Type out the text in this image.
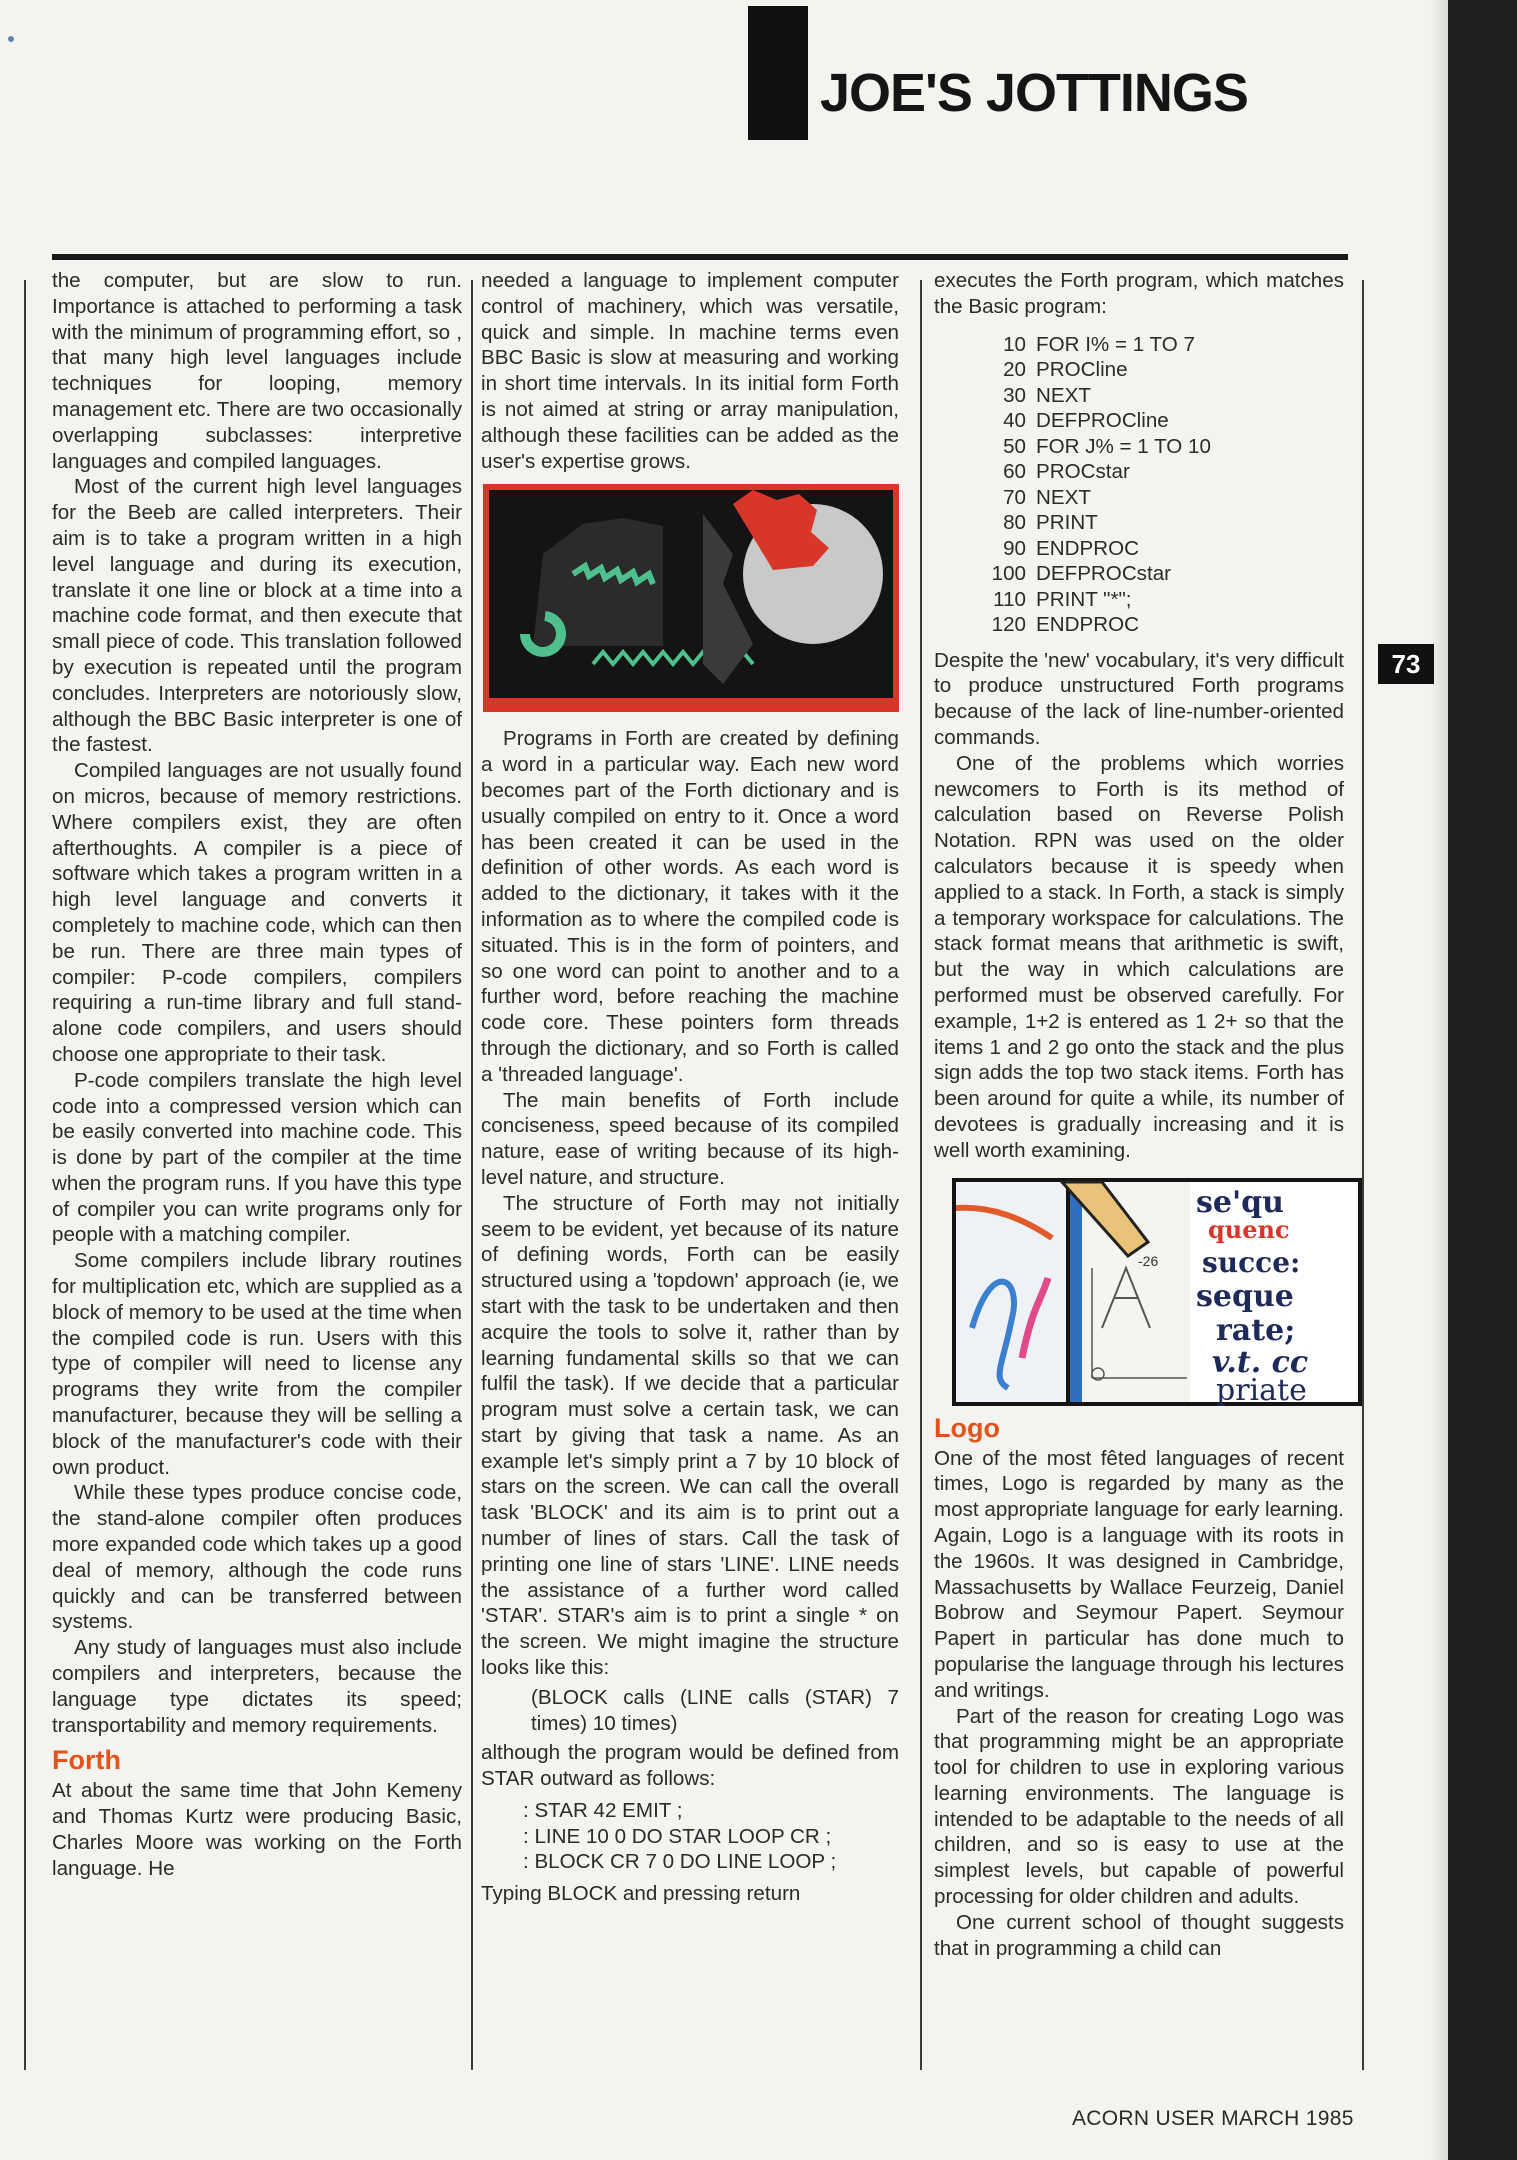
JOE'S JOTTINGS

the computer, but are slow to run. Importance is attached to performing a task with the minimum of programming effort, so , that many high level languages include techniques for looping, memory management etc. There are two occasionally overlapping subclasses: interpretive languages and compiled languages.

Most of the current high level languages for the Beeb are called interpreters. Their aim is to take a program written in a high level language and during its execution, translate it one line or block at a time into a machine code format, and then execute that small piece of code. This translation followed by execution is repeated until the program concludes. Interpreters are notoriously slow, although the BBC Basic interpreter is one of the fastest.

Compiled languages are not usually found on micros, because of memory restrictions. Where compilers exist, they are often afterthoughts. A compiler is a piece of software which takes a program written in a high level language and converts it completely to machine code, which can then be run. There are three main types of compiler: P-code compilers, compilers requiring a run-time library and full stand-alone code compilers, and users should choose one appropriate to their task.

P-code compilers translate the high level code into a compressed version which can be easily converted into machine code. This is done by part of the compiler at the time when the program runs. If you have this type of compiler you can write programs only for people with a matching compiler.

Some compilers include library routines for multiplication etc, which are supplied as a block of memory to be used at the time when the compiled code is run. Users with this type of compiler will need to license any programs they write from the compiler manufacturer, because they will be selling a block of the manufacturer's code with their own product.

While these types produce concise code, the stand-alone compiler often produces more expanded code which takes up a good deal of memory, although the code runs quickly and can be transferred between systems.

Any study of languages must also include compilers and interpreters, because the language type dictates its speed; transportability and memory requirements.

Forth

At about the same time that John Kemeny and Thomas Kurtz were producing Basic, Charles Moore was working on the Forth language. He

needed a language to implement computer control of machinery, which was versatile, quick and simple. In machine terms even BBC Basic is slow at measuring and working in short time intervals. In its initial form Forth is not aimed at string or array manipulation, although these facilities can be added as the user's expertise grows.

Programs in Forth are created by defining a word in a particular way. Each new word becomes part of the Forth dictionary and is usually compiled on entry to it. Once a word has been created it can be used in the definition of other words. As each word is added to the dictionary, it takes with it the information as to where the compiled code is situated. This is in the form of pointers, and so one word can point to another and to a further word, before reaching the machine code core. These pointers form threads through the dictionary, and so Forth is called a 'threaded language'.

The main benefits of Forth include conciseness, speed because of its compiled nature, ease of writing because of its high-level nature, and structure.

The structure of Forth may not initially seem to be evident, yet because of its nature of defining words, Forth can be easily structured using a 'topdown' approach (ie, we start with the task to be undertaken and then acquire the tools to solve it, rather than by learning fundamental skills so that we can fulfil the task). If we decide that a particular program must solve a certain task, we can start by giving that task a name. As an example let's simply print a 7 by 10 block of stars on the screen. We can call the overall task 'BLOCK' and its aim is to print out a number of lines of stars. Call the task of printing one line of stars 'LINE'. LINE needs the assistance of a further word called 'STAR'. STAR's aim is to print a single * on the screen. We might imagine the structure looks like this:

(BLOCK calls (LINE calls (STAR) 7 times) 10 times)

although the program would be defined from STAR outward as follows:

: STAR 42 EMIT ;
: LINE 10 0 DO STAR LOOP CR ;
: BLOCK CR 7 0 DO LINE LOOP ;

Typing BLOCK and pressing return

executes the Forth program, which matches the Basic program:

10 FOR I% = 1 TO 7
20 PROCline
30 NEXT
40 DEFPROCline
50 FOR J% = 1 TO 10
60 PROCstar
70 NEXT
80 PRINT
90 ENDPROC
100 DEFPROCstar
110 PRINT "*";
120 ENDPROC

Despite the 'new' vocabulary, it's very difficult to produce unstructured Forth programs because of the lack of line-number-oriented commands.

One of the problems which worries newcomers to Forth is its method of calculation based on Reverse Polish Notation. RPN was used on the older calculators because it is speedy when applied to a stack. In Forth, a stack is simply a temporary workspace for calculations. The stack format means that arithmetic is swift, but the way in which calculations are performed must be observed carefully. For example, 1+2 is entered as 1 2+ so that the items 1 and 2 go onto the stack and the plus sign adds the top two stack items. Forth has been around for quite a while, its number of devotees is gradually increasing and it is well worth examining.

-26
se'qu
quenc
succe:
seque
rate;
v.t. cc
priate
Logo

One of the most fêted languages of recent times, Logo is regarded by many as the most appropriate language for early learning. Again, Logo is a language with its roots in the 1960s. It was designed in Cambridge, Massachusetts by Wallace Feurzeig, Daniel Bobrow and Seymour Papert. Seymour Papert in particular has done much to popularise the language through his lectures and writings.

Part of the reason for creating Logo was that programming might be an appropriate tool for children to use in exploring various learning environments. The language is intended to be adaptable to the needs of all children, and so is easy to use at the simplest levels, but capable of powerful processing for older children and adults.

One current school of thought suggests that in programming a child can

ACORN USER MARCH 1985
73
